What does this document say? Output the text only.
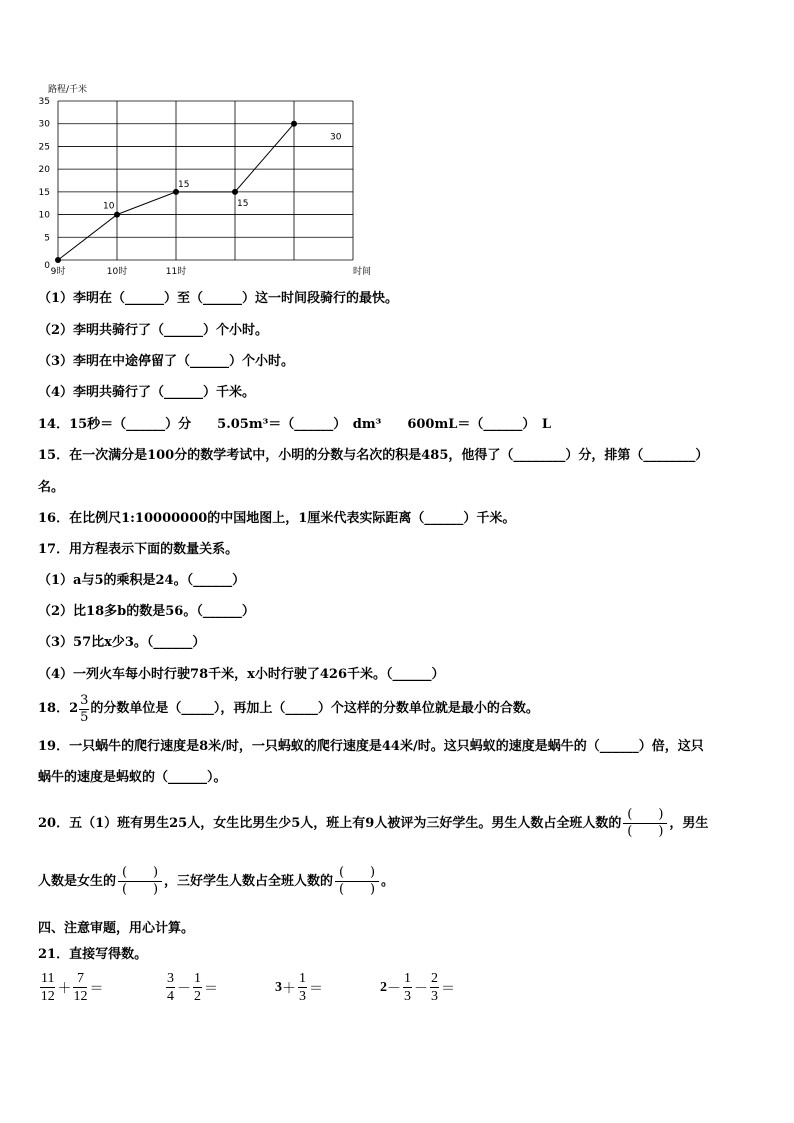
路程/千米
时间
0
5
10
15
20
25
30
35
9时	10时	11时
10
15
15
30
（1）李明在（______）至（______）这一时间段骑行的最快。
（2）李明共骑行了（______）个小时。
（3）李明在中途停留了（______）个小时。
（4）李明共骑行了（______）千米。
14．15秒＝（______）分　　5.05m³＝（______）　dm³　　600mL＝（______）　L
15．在一次满分是100分的数学考试中，小明的分数与名次的积是485，他得了（________）分，排第（________）
名。
16．在比例尺1:10000000的中国地图上，1厘米代表实际距离（______）千米。
17．用方程表示下面的数量关系。
（1）a与5的乘积是24。（______）
（2）比18多b的数是56。（______）
（3）57比x少3。（______）
（4）一列火车每小时行驶78千米，x小时行驶了426千米。（______）
18． $2 \frac{3}{5}$ 的分数单位是（_____），再加上（_____）个这样的分数单位就是最小的合数。
19．一只蜗牛的爬行速度是8米/时，一只蚂蚁的爬行速度是44米/时。这只蚂蚁的速度是蜗牛的（______）倍，这只
蜗牛的速度是蚂蚁的（______）。
20．五（1）班有男生25人，女生比男生少5人，班上有9人被评为三好学生。男生人数占全班人数的 $\frac{( )}{( )}$ ，男生
人数是女生的 $\frac{( )}{( )}$ ，三好学生人数占全班人数的 $\frac{( )}{( )}$ 。
四、注意审题，用心计算。
21．直接写得数。
$\frac{11}{12} + \frac{7}{12}$ ＝	$\frac{3}{4} - \frac{1}{2}$ ＝	$3 + \frac{1}{3}$ ＝	$2 - \frac{1}{3} - \frac{2}{3}$ ＝
